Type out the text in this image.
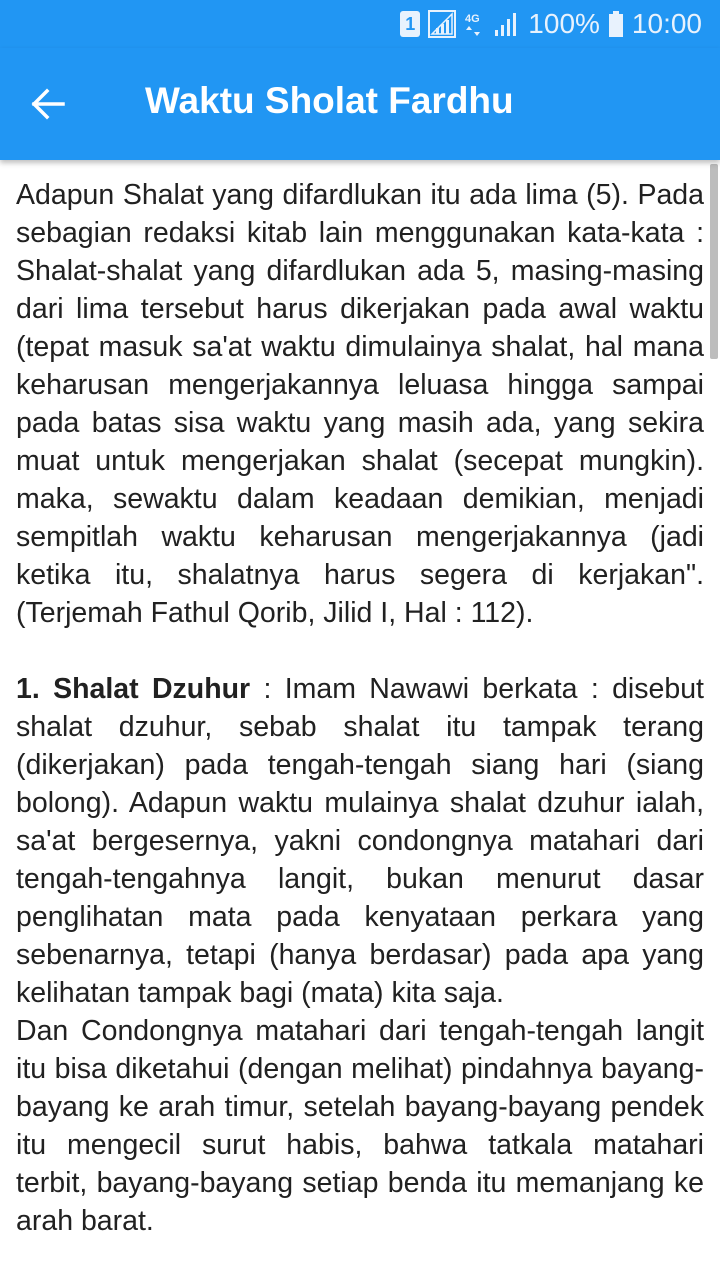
1	4G 100% 10:00
Waktu Sholat Fardhu

Adapun Shalat yang difardlukan itu ada lima (5). Pada sebagian redaksi kitab lain menggunakan kata-kata : Shalat-shalat yang difardlukan ada 5, masing-masing dari lima tersebut harus dikerjakan pada awal waktu (tepat masuk sa'at waktu dimulainya shalat, hal mana keharusan mengerjakannya leluasa hingga sampai pada batas sisa waktu yang masih ada, yang sekira muat untuk mengerjakan shalat (secepat mungkin). maka, sewaktu dalam keadaan demikian, menjadi sempitlah waktu keharusan mengerjakannya (jadi ketika itu, shalatnya harus segera di kerjakan". (Terjemah Fathul Qorib, Jilid I, Hal : 112).

1. Shalat Dzuhur : Imam Nawawi berkata : disebut shalat dzuhur, sebab shalat itu tampak terang (dikerjakan) pada tengah-tengah siang hari (siang bolong). Adapun waktu mulainya shalat dzuhur ialah, sa'at bergesernya, yakni condongnya matahari dari tengah-tengahnya langit, bukan menurut dasar penglihatan mata pada kenyataan perkara yang sebenarnya, tetapi (hanya berdasar) pada apa yang kelihatan tampak bagi (mata) kita saja.

Dan Condongnya matahari dari tengah-tengah langit itu bisa diketahui (dengan melihat) pindahnya bayang-bayang ke arah timur, setelah bayang-bayang pendek itu mengecil surut habis, bahwa tatkala matahari terbit, bayang-bayang setiap benda itu memanjang ke arah barat.
